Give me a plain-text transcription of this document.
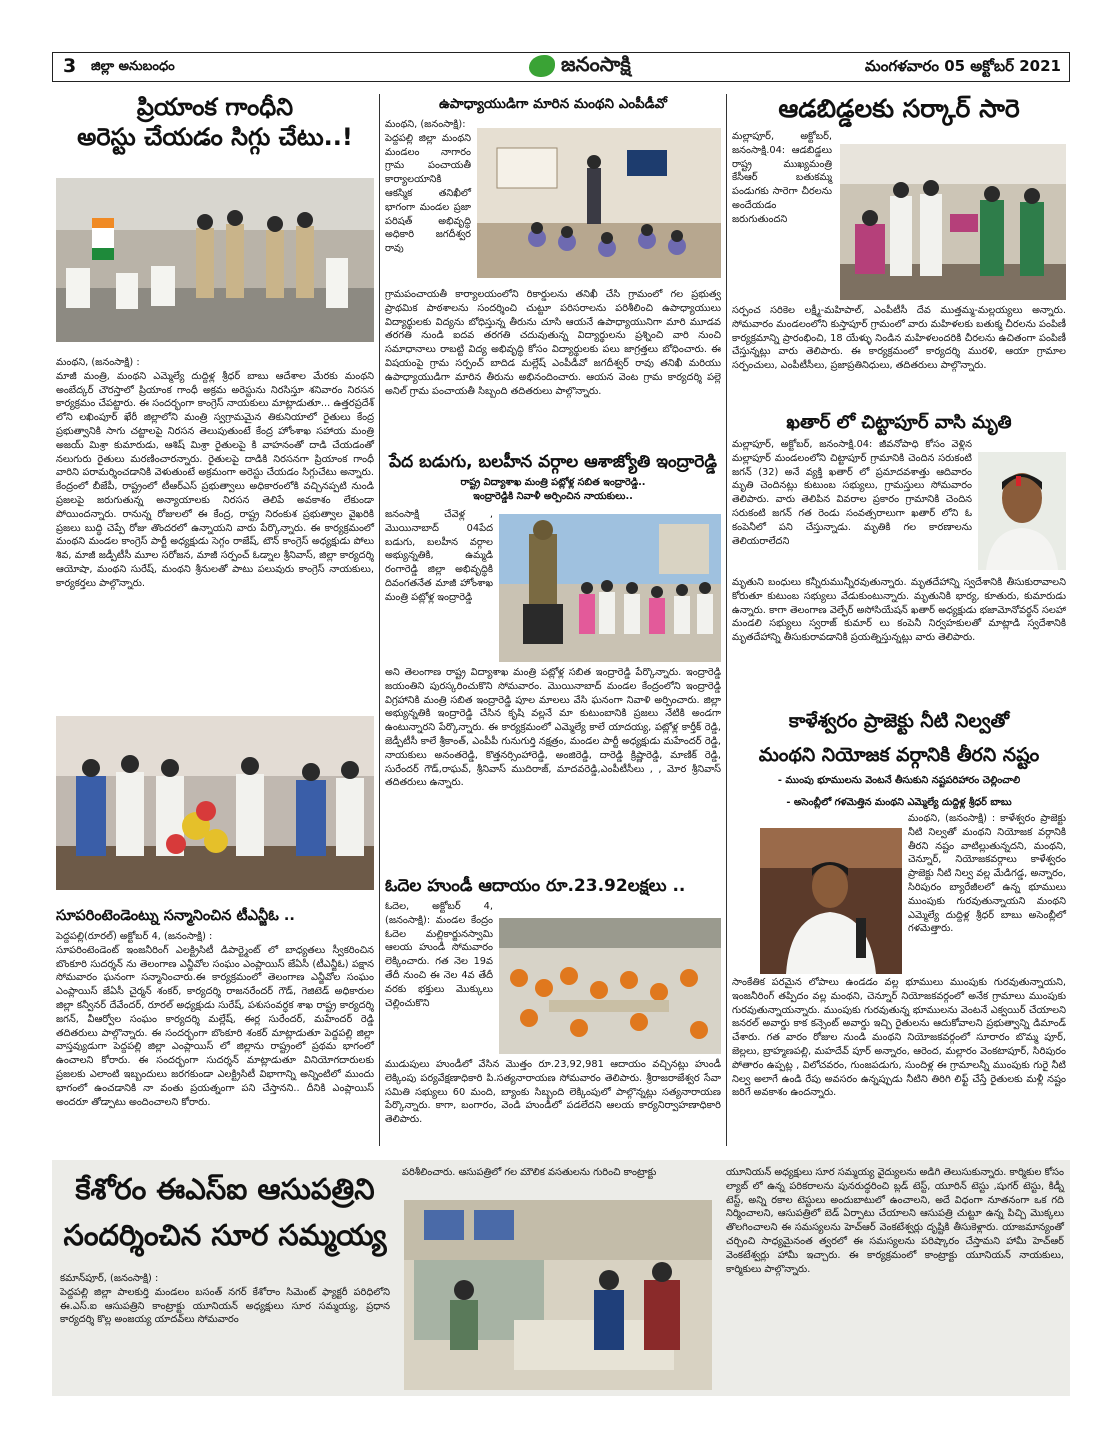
3 జిల్లా అనుబంధం	జనంసాక్షి	మంగళవారం 05 అక్టోబర్ 2021
ప్రియాంక గాంధీని
అరెస్టు చేయడం సిగ్గు చేటు..!

మంథని, (జనంసాక్షి) :

మాజీ మంత్రి, మంథని ఎమ్మెల్యే దుద్దిళ్ల శ్రీధర్ బాబు ఆదేశాల మేరకు మంథని అంబేద్కర్ చౌరస్తాలో ప్రియాంక గాంధీ అక్రమ అరెస్టును నిరసిస్తూ శనివారం నిరసన కార్యక్రమం చేపట్టారు. ఈ సందర్భంగా కాంగ్రెస్ నాయకులు మాట్లాడుతూ... ఉత్తరప్రదేశ్ లోని లఖింపూర్ ఖేరీ జిల్లాలోని మంత్రి స్వగ్రామమైన తికునియాలో రైతులు కేంద్ర ప్రభుత్వానికి సాగు చట్టాలపై నిరసన తెలుపుతుంటే కేంద్ర హోంశాఖ సహాయ మంత్రి అజయ్ మిశ్రా కుమారుడు, ఆశిష్ మిశ్రా రైతులపై కి వాహనంతో దాడి చేయడంతో నలుగురు రైతులు మరణించారన్నారు. రైతులపై దాడికి నిరసనగా ప్రియాంక గాంధీ వారిని పరామర్శించడానికి వెళుతుంటే అక్రమంగా అరెస్టు చేయడం సిగ్గుచేటు అన్నారు. కేంద్రంలో బీజేపీ, రాష్ట్రంలో టీఆర్ఎస్ ప్రభుత్వాలు అధికారంలోకి వచ్చినప్పటి నుండి ప్రజలపై జరుగుతున్న అన్యాయాలకు నిరసన తెలిపే అవకాశం లేకుండా పోయిందన్నారు. రానున్న రోజులలో ఈ కేంద్ర, రాష్ట్ర నిరంకుశ ప్రభుత్వాల వైఖరికి ప్రజలు బుద్ధి చెప్పే రోజు తొందరలో ఉన్నాయని వారు పేర్కొన్నారు. ఈ కార్యక్రమంలో మంథని మండల కాంగ్రెస్ పార్టీ అధ్యక్షుడు సెగ్గం రాజేష్, టౌన్ కాంగ్రెస్ అధ్యక్షుడు పోలు శివ, మాజీ జడ్పీటీసీ మూల సరోజన, మాజీ సర్పంచ్ ఓడ్నాల శ్రీనివాస్, జిల్లా కార్యదర్శి ఆయోషా, మంథని సురేష్, మంథని శ్రీనులతో పాటు పలువురు కాంగ్రెస్ నాయకులు, కార్యకర్తలు పాల్గొన్నారు.

సూపరింటెండెంట్ను సన్మానించిన టీఎన్జీఓ ..

పెద్దపల్లి(రూరల్) అక్టోబర్ 4, (జనంసాక్షి) :

సూపరింటెండెంట్ ఇంజనీరింగ్ ఎలక్ట్రిసిటీ డిపార్ట్మెంట్ లో బాధ్యతలు స్వీకరించిన బొంకూరి సుదర్శన్ ను తెలంగాణ ఎన్జీవోల సంఘం ఎంప్లాయిస్ జేఏసీ (టీఎన్జీఓ) పక్షాన సోమవారం ఘనంగా సన్మానించారు.ఈ కార్యక్రమంలో తెలంగాణ ఎన్జీవోల సంఘం ఎంప్లాయిస్ జేఏసీ చైర్మన్ శంకర్, కార్యదర్శి రాజనరేందర్ గౌడ్, గెజిటెడ్ అధికారుల జిల్లా కన్వీనర్ దేవేందర్, రూరల్ అధ్యక్షుడు సురేష్, పశుసంవర్ధక శాఖ రాష్ట్ర కార్యదర్శి జగన్, వీఆర్వోల సంఘం కార్యదర్శి మల్లేష్, ఈర్ల సురేందర్, మహేందర్ రెడ్డి తదితరులు పాల్గొన్నారు. ఈ సందర్భంగా బొంకూరి శంకర్ మాట్లాడుతూ పెద్దపల్లి జిల్లా వాస్తవ్యుడుగా పెద్దపల్లి జిల్లా ఎంప్లాయిస్ లో జిల్లాను రాష్ట్రంలో ప్రథమ భాగంలో ఉంచాలని కోరారు. ఈ సందర్భంగా సుదర్శన్ మాట్లాడుతూ వినియోగదారులకు ప్రజలకు ఎలాంటి ఇబ్బందులు జరగకుండా ఎలక్ట్రిసిటీ విభాగాన్ని అన్నింటిలో ముందు భాగంలో ఉంచడానికి నా వంతు ప్రయత్నంగా పని చేస్తానని.. దీనికి ఎంప్లాయిస్ అందరూ తోడ్పాటు అందించాలని కోరారు.

ఉపాధ్యాయుడిగా మారిన మంథని ఎంపీడీవో

మంథని, (జనంసాక్షి):

పెద్దపల్లి జిల్లా మంథని మండలం నాగారం గ్రామ పంచాయతీ కార్యాలయానికి ఆకస్మిక తనిఖీలో భాగంగా మండల ప్రజా పరిషత్ అభివృద్ధి అధికారి జగదీశ్వర రావు

గ్రామపంచాయతీ కార్యాలయంలోని రికార్డులను తనిఖీ చేసి గ్రామంలో గల ప్రభుత్వ ప్రాథమిక పాఠశాలను సందర్శించి చుట్టూ పరిసరాలను పరిశీలించి ఉపాధ్యాయులు విద్యార్థులకు విద్యను బోధిస్తున్న తీరును చూసి ఆయనే ఉపాధ్యాయునిగా మారి మూడవ తరగతి నుండి ఐదవ తరగతి చదువుతున్న విద్యార్థులను ప్రశ్నించి వారి నుంచి సమాధానాలు రాబట్టి విద్య అభివృద్ధి కోసం విద్యార్థులకు పలు జాగ్రత్తలు బోధించారు. ఈ విషయంపై గ్రామ సర్పంచ్ బాదిడ మల్లేష్ ఎంపీడీవో జగదీశ్వర్ రావు తనిఖీ మరియు ఉపాధ్యాయుడిగా మారిన తీరును అభినందించారు. ఆయన వెంట గ్రామ కార్యదర్శి పల్లె అనిల్ గ్రామ పంచాయతీ సిబ్బంది తదితరులు పాల్గొన్నారు.
పేద బడుగు, బలహీన వర్గాల ఆశాజ్యోతి ఇంద్రారెడ్డి
రాష్ట్ర విద్యాశాఖ మంత్రి పట్లోళ్ల సబిత ఇంద్రారెడ్డి..
ఇంద్రారెడ్డికి నివాళీ అర్పించిన నాయకులు..
జనంసాక్షి చేవెళ్ల , మొయినాబాద్ 04పేద బడుగు, బలహీన వర్గాల అభ్యున్నతికి, ఉమ్మడి రంగారెడ్డి జిల్లా అభివృద్ధికి దివంగతనేత మాజీ హోంశాఖ మంత్రి పట్లోళ్ల ఇంద్రారెడ్డి
అని తెలంగాణ రాష్ట్ర విద్యాశాఖ మంత్రి పట్లోళ్ల సబిత ఇంద్రారెడ్డి పేర్కొన్నారు. ఇంద్రారెడ్డి జయంతిని పురస్కరించుకొని సోమవారం. మొయినాబాద్ మండల కేంద్రంలోని ఇంద్రారెడ్డి విగ్రహానికి మంత్రి సబిత ఇంద్రారెడ్డి పూల మాలలు వేసి ఘనంగా నివాళి అర్పించారు. జిల్లా అభ్యున్నతికి ఇంద్రారెడ్డి చేసిన కృషి వల్లనే మా కుటుంబానికి ప్రజలు నేటికి అండగా ఉంటున్నారని పేర్కొన్నారు. ఈ కార్యక్రమంలో ఎమ్మెల్యే కాలే యాదయ్య, పట్లోళ్ల కార్తీక్ రెడ్డి, జెడ్పీటీసీ కాలే శ్రీకాంత్, ఎంపీపీ గునుగుర్తి నక్షత్రం, మండల పార్టీ అధ్యక్షుడు మహేందర్ రెడ్డి, నాయకులు అనంతరెడ్డి, కొత్తనర్సింహారెడ్డి, అంజిరెడ్డి, దారెడ్డి క్రిష్ణారెడ్డి, మాణిక్ రెడ్డి, సురేందర్ గౌడ్,రాఘవ్, శ్రీనివాస్ ముదిరాజ్, మాదవరెడ్డి,ఎంపీటీసీలు , , మోర శ్రీనివాస్ తదితరులు ఉన్నారు.
ఓదెల హుండీ ఆదాయం రూ.23.92లక్షలు ..
ఓదెల, అక్టోబర్ 4, (జనంసాక్షి): మండల కేంద్రం ఓదెల మల్లికార్జునస్వామి ఆలయ హుండీ సోమవారం లెక్కించారు. గత నెల 19వ తేదీ నుంచి ఈ నెల 4వ తేదీ వరకు భక్తులు మొక్కులు చెల్లించుకొని
ముడుపులు హుండీలో వేసిన మొత్తం రూ.23,92,981 ఆదాయం వచ్చినట్లు హుండీ లెక్కింపు పర్యవేక్షణాధికారి పి.సత్యనారాయణ సోమవారం తెలిపారు. శ్రీరాజరాజేశ్వర సేవా సమితి సభ్యులు 60 మంది, బ్యాంకు సిబ్బంది లెక్కింపులో పాల్గొన్నట్లు సత్యనారాయణ పేర్కొన్నారు. కాగా, బంగారం, వెండి హుండీలో పడలేదని ఆలయ కార్యనిర్వాహణాధికారి తెలిపారు.
ఆడబిడ్డలకు సర్కార్ సారె
మల్లాపూర్, అక్టోబర్, జనంసాక్షి.04: ఆడబిడ్డలు రాష్ట్ర ముఖ్యమంత్రి కేసీఆర్ బతుకమ్మ పండుగకు సారెగా చీరలను అందేయడం జరుగుతుందని
సర్పంచ సరికెల లక్ష్మీ-మహిపాల్, ఎంపీటీసీ దేవ ముత్తమ్మ-మల్లయ్యలు అన్నారు. సోమవారం మండలంలోని కుస్తాపూర్ గ్రామంలో వారు మహిళలకు బతుక్మ చీరలను పంపిణీ కార్యక్రమాన్ని ప్రారంభించి, 18 యేళ్ళు నిండిన మహిళలందరికి చీరలను ఉచితంగా పంపిణీ చేస్తున్నట్లు వారు తెలిపారు. ఈ కార్యక్రమంలో కార్యదర్శి మురళి, ఆయా గ్రామాల సర్పంచులు, ఎంపీటీసీలు, ప్రజాప్రతినిధులు, తదితరులు పాల్గొన్నారు.
ఖతార్ లో చిట్టాపూర్ వాసి మృతి
మల్లాపూర్, అక్టోబర్, జనంసాక్షి.04: జీవనోపాధి కోసం వెళ్లిన మల్లాపూర్ మండలంలోని చిట్టాపూర్ గ్రామానికి చెందిన సరుకంటి జగన్ (32) అనే వ్యక్తి ఖతార్ లో ప్రమాదవశాత్తు ఆదివారం మృతి చెందినట్లు కుటుంబ సభ్యులు, గ్రామస్తులు సోమవారం తెలిపారు. వారు తెలిపిన వివరాల ప్రకారం గ్రామానికి చెందిన సరుకంటి జగన్ గత రెండు సంవత్సరాలుగా ఖతార్ లోని ఓ కంపెనీలో పని చేస్తున్నాడు. మృతికి గల కారణాలను తెలియరాలేదని
మృతుని బంధులు కన్నీరుమున్నీరవుతున్నారు. మృతదేహాన్ని స్వదేశానికి తీసుకురావాలని కోరుతూ కుటుంబ సభ్యులు వేడుకుంటున్నారు. మృతునికి భార్య, కూతురు, కుమారుడు ఉన్నారు. కాగా తెలంగాణ వెల్ఫేర్ అసోసియేషన్ ఖతార్ అధ్యక్షుడు భజామోనోవర్థన్ సలహా మండలి సభ్యులు స్వరాజ్ కుమార్ లు కంపెనీ నిర్వహకులతో మాట్లాడి స్వదేశానికి మృతదేహాన్ని తీసుకురావడానికి ప్రయత్నిస్తున్నట్లు వారు తెలిపారు.
కాళేశ్వరం ప్రాజెక్టు నీటి నిల్వతో
మంథని నియోజక వర్గానికి తీరని నష్టం
- ముంపు భూములను వెంటనే తీసుకుని నష్టపరిహారం చెల్లించాలి
- అసెంబ్లీలో గళమెత్తిన మంథని ఎమ్మెల్యే దుద్దిళ్ల శ్రీధర్ బాబు
మంథని, (జనంసాక్షి) : కాళేశ్వరం ప్రాజెక్టు నీటి నిల్వతో మంథని నియోజక వర్గానికి తీరని నష్టం వాటిల్లుతున్నదని, మంథని, చెన్నూర్, నియోజకవర్గాలు కాళేశ్వరం ప్రాజెక్టు నీటి నిల్వ వల్ల మేడిగడ్డ, అన్నారం, సిరిపురం బ్యారేజీలలో ఉన్న భూములు ముంపుకు గురవుతున్నాయని మంథని ఎమ్మెల్యే దుద్దిళ్ల శ్రీధర్ బాబు అసెంబ్లీలో గళమెత్తారు.
సాంకేతిక పరమైన లోపాలు ఉండడం వల్ల భూములు ముంపుకు గురవుతున్నాయని, ఇంజనీరింగ్ తప్పిదం వల్ల మంథని, చెన్నూర్ నియోజకవర్గంలో అనేక గ్రామాలు ముంపుకు గురవుతున్నాయన్నారు. ముంపుకు గురవుతున్న భూములను వెంటనే ఎక్వయిర్ చేయాలని జనరల్ అవార్డు కాక కన్సెంట్ అవార్డు ఇచ్చి రైతులను ఆదుకోవాలని ప్రభుత్వాన్ని డిమాండ్ చేశారు. గత వారం రోజుల నుండి మంథని నియోజకవర్గంలో సూరారం బొమ్మ పూర్, జెల్లలు, బ్రాహ్మణపల్లి, మహదేవ్ పూర్ అన్నారం, ఆరెంద, మల్లారం వెంకటాపూర్, సిరిపురం పోతారం ఉప్పట్ల , విలోచవరం, గుంజపడుగు, సుందిళ్ల ఈ గ్రామాలన్నీ ముంపుకు గురై నీటి నిల్వ అలాగే ఉండి రేపు అవసరం ఉన్నప్పుడు నీటిని తిరిగి లిఫ్ట్ చేస్తే రైతులకు మళ్లీ నష్టం జరిగే అవకాశం ఉందన్నారు.
కేశోరం ఈఎస్ఐ ఆసుపత్రిని
సందర్శించిన సూర సమ్మయ్య

కమాన్‌పూర్, (జనంసాక్షి) :

పెద్దపల్లి జిల్లా పాలకుర్తి మండలం బసంత్ నగర్ కేశోరాం సిమెంట్ ఫ్యాక్టరీ పరిధిలోని ఈ.ఎస్.ఐ ఆసుపత్రిని కాంట్రాక్టు యూనియన్ అధ్యక్షులు సూర సమ్మయ్య, ప్రధాన కార్యదర్శి కొల్ల అంజయ్య యాదవ్‌లు సోమవారం

పరిశీలించారు. ఆసుపత్రిలో గల మౌలిక వసతులను గురించి కాంట్రాక్టు	యూనియన్ అధ్యక్షులు సూర సమ్మయ్య వైద్యులను అడిగి తెలుసుకున్నారు. కార్మికుల కోసం ల్యాబ్ లో ఉన్న పరికరాలను పునరుద్ధరించి బ్లడ్ టెస్ట్, యూరిన్ టెస్టు ,షుగర్ టెస్టు, కిడ్నీ టెస్ట్, అన్ని రకాల టెస్టులు అందుబాటులో ఉంచాలని, అదే విధంగా నూతనంగా ఒక గది నిర్మించాలని, ఆసుపత్రిలో బెడ్ ఏర్పాటు చేయాలని ఆసుపత్రి చుట్టూ ఉన్న పిచ్చి మొక్కలు తొలగించాలని ఈ సమస్యలను హెచ్ఆర్ వెంకటేశ్వర్లు దృష్టికి తీసుకెళ్లారు. యాజమాన్యంతో చర్చించి సాధ్యమైనంత త్వరలో ఈ సమస్యలను పరిష్కారం చేస్తామని హామీ హెచ్ఆర్ వెంకటేశ్వర్లు హామీ ఇచ్చారు. ఈ కార్యక్రమంలో కాంట్రాక్టు యూనియన్ నాయకులు, కార్మికులు పాల్గొన్నారు.
